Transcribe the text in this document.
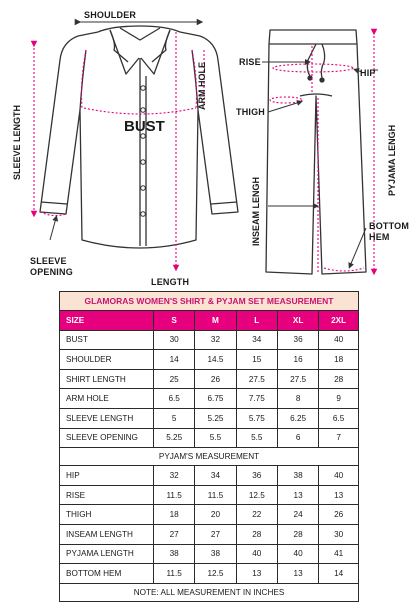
SHOULDER
ARM HOLE
BUST
SLEEVE LENGTH
SLEEVE
OPENING
LENGTH
RISE
HIP
THIGH
PYJAMA LENGH
INSEAM LENGH	BOTTOM
HEM
GLAMORAS WOMEN'S SHIRT & PYJAM SET MEASUREMENT					
SIZE	S	M	L	XL	2XL
BUST	30	32	34	36	40
SHOULDER	14	14.5	15	16	18
SHIRT LENGTH	25	26	27.5	27.5	28
ARM HOLE	6.5	6.75	7.75	8	9
SLEEVE LENGTH	5	5.25	5.75	6.25	6.5
SLEEVE OPENING	5.25	5.5	5.5	6	7
PYJAM'S MEASUREMENT					
HIP	32	34	36	38	40
RISE	11.5	11.5	12.5	13	13
THIGH	18	20	22	24	26
INSEAM LENGTH	27	27	28	28	30
PYJAMA LENGTH	38	38	40	40	41
BOTTOM HEM	11.5	12.5	13	13	14
NOTE: ALL MEASUREMENT IN INCHES					
